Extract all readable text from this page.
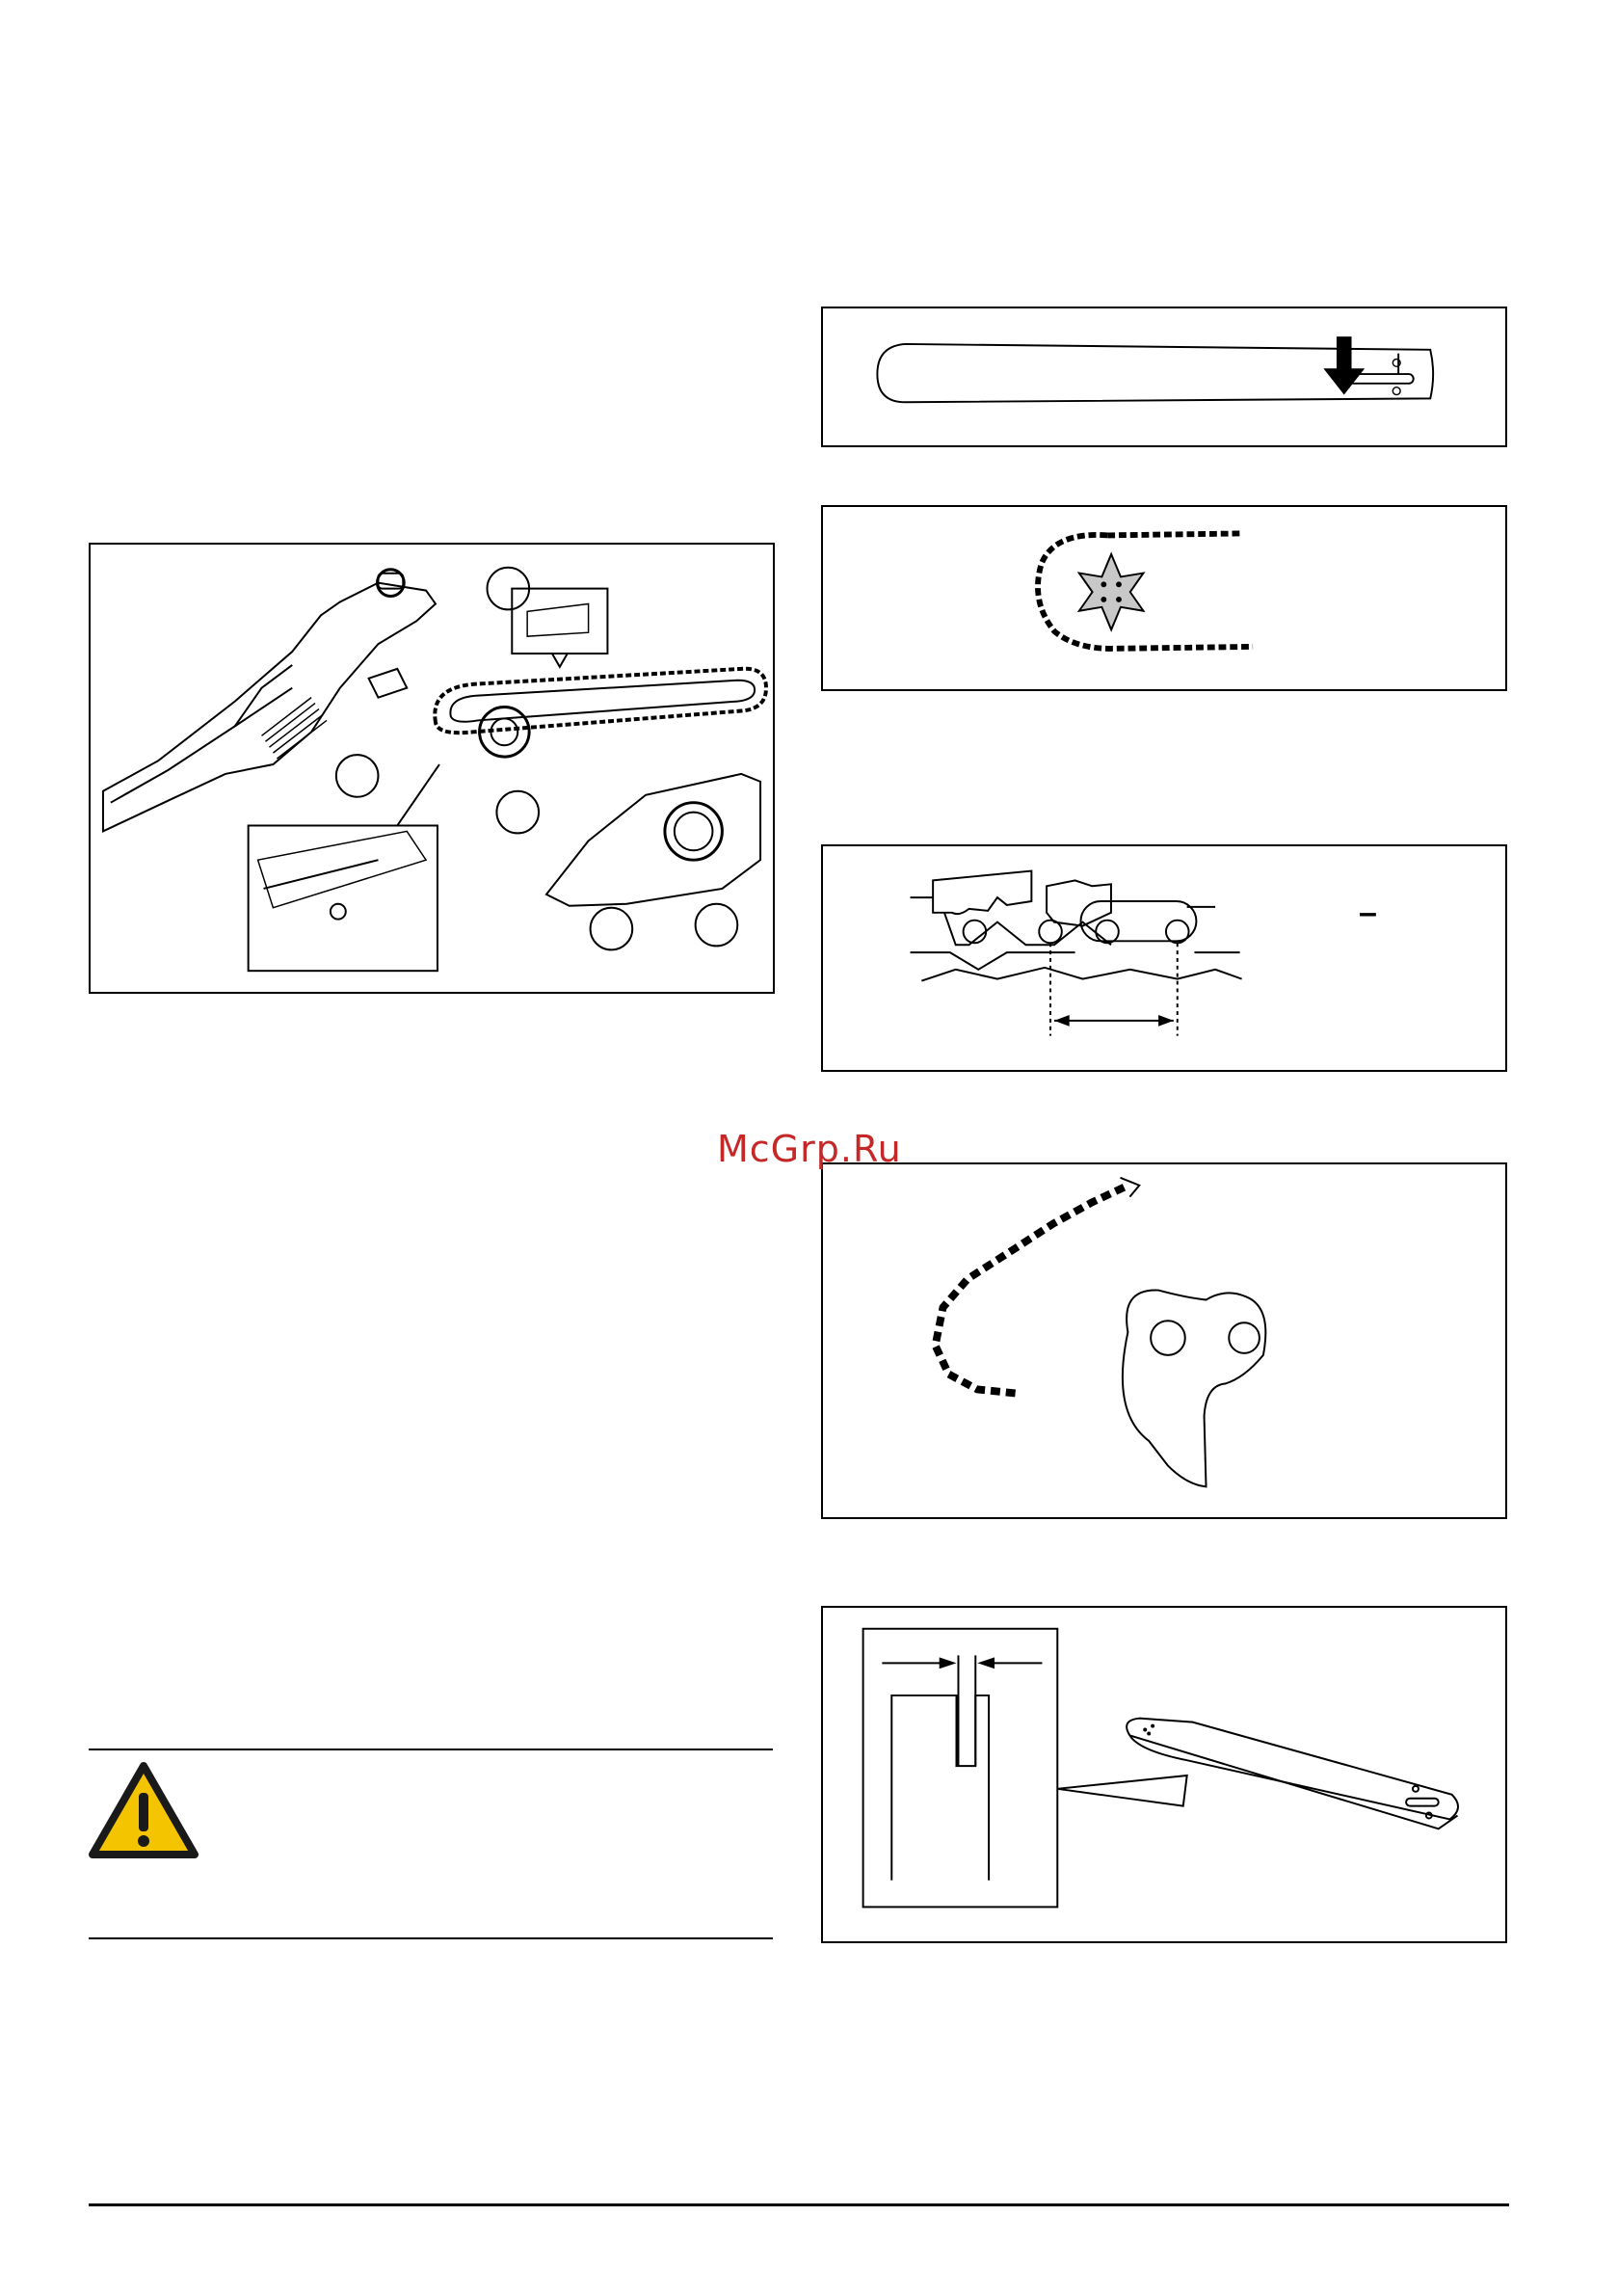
–
McGrp.Ru
